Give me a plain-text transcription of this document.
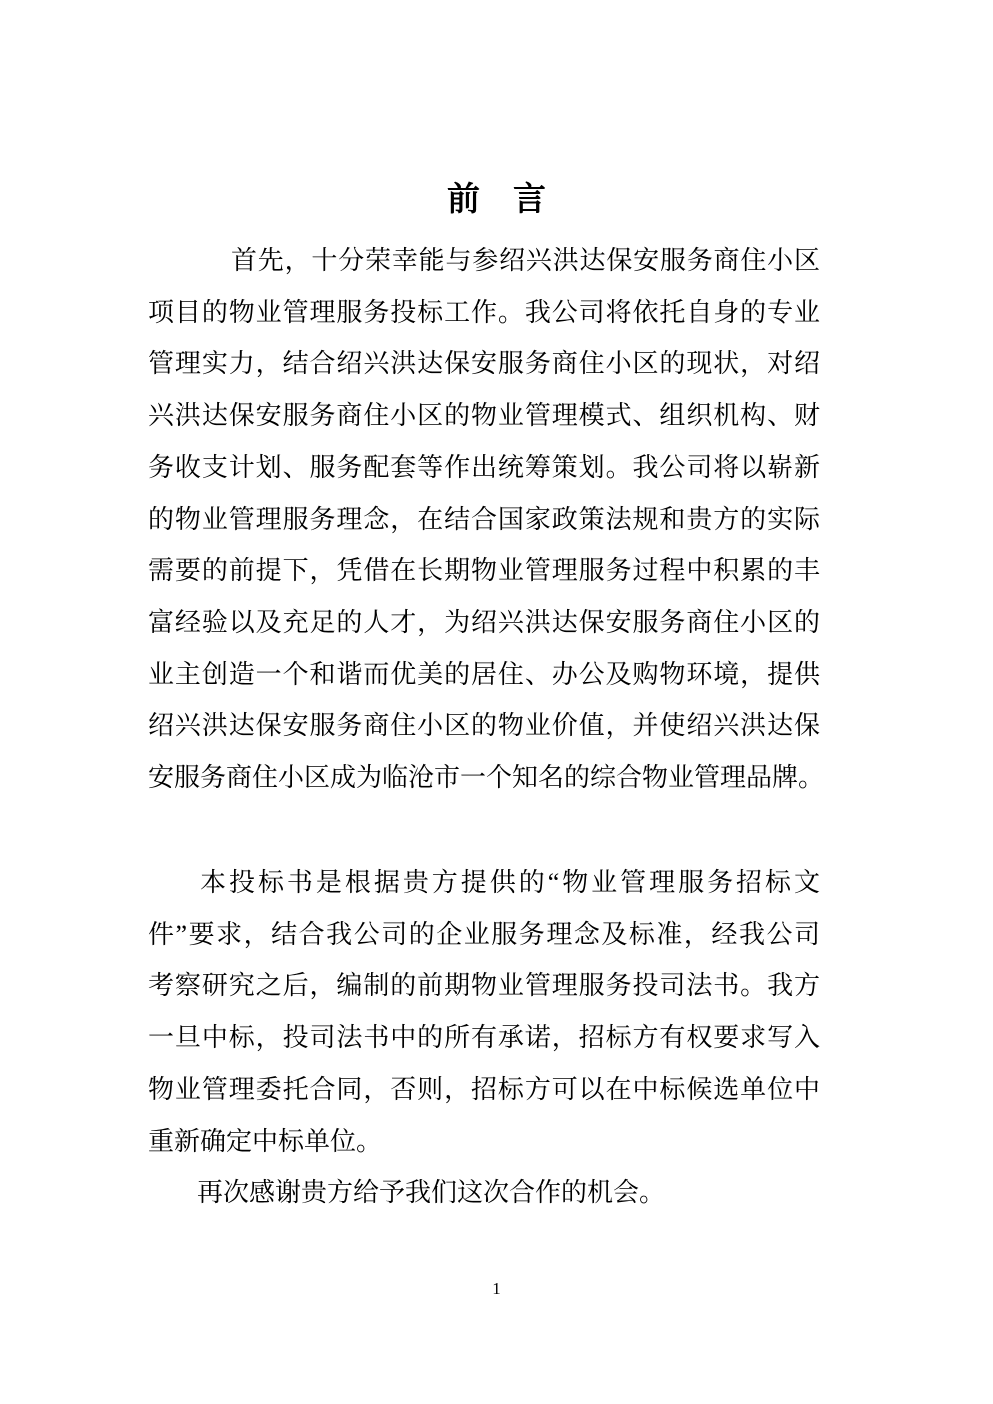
前　言
首先，十分荣幸能与参绍兴洪达保安服务商住小区
项目的物业管理服务投标工作。我公司将依托自身的专业
管理实力，结合绍兴洪达保安服务商住小区的现状，对绍
兴洪达保安服务商住小区的物业管理模式、组织机构、财
务收支计划、服务配套等作出统筹策划。我公司将以崭新
的物业管理服务理念，在结合国家政策法规和贵方的实际
需要的前提下，凭借在长期物业管理服务过程中积累的丰
富经验以及充足的人才，为绍兴洪达保安服务商住小区的
业主创造一个和谐而优美的居住、办公及购物环境，提供
绍兴洪达保安服务商住小区的物业价值，并使绍兴洪达保
安服务商住小区成为临沧市一个知名的综合物业管理品牌。
本投标书是根据贵方提供的“物业管理服务招标文
件”要求，结合我公司的企业服务理念及标准，经我公司
考察研究之后，编制的前期物业管理服务投司法书。我方
一旦中标，投司法书中的所有承诺，招标方有权要求写入
物业管理委托合同，否则，招标方可以在中标候选单位中
重新确定中标单位。
再次感谢贵方给予我们这次合作的机会。
1
